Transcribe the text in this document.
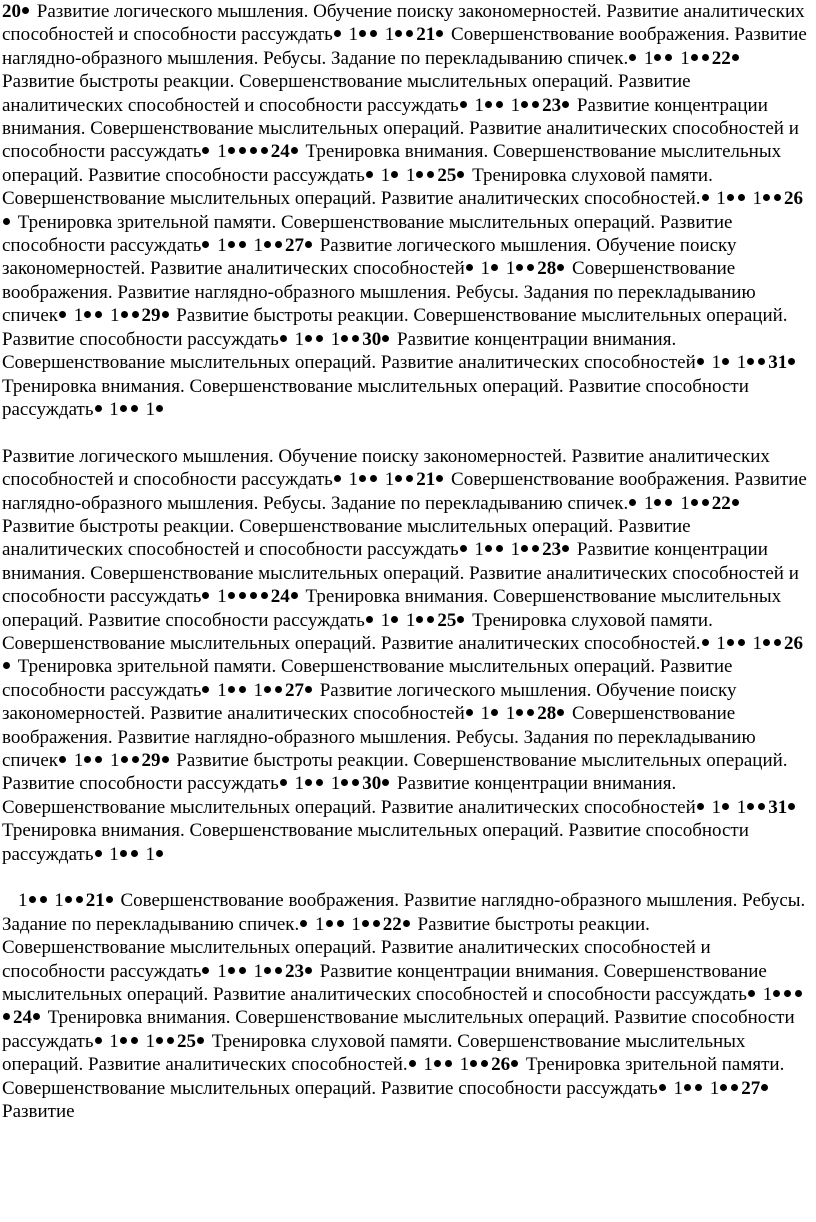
20 Развитие логического мышления. Обучение поиску закономерностей. Развитие аналитических способностей и способности рассуждать 1 1 21 Совершенствование воображения. Развитие наглядно-образного мышления. Ребусы. Задание по перекладыванию спичек. 1 1 22 Развитие быстроты реакции. Совершенствование мыслительных операций. Развитие аналитических способностей и способности рассуждать 1 1 23 Развитие концентрации внимания. Совершенствование мыслительных операций. Развитие аналитических способностей и способности рассуждать 1 24 Тренировка внимания. Совершенствование мыслительных операций. Развитие способности рассуждать 1 1 25 Тренировка слуховой памяти. Совершенствование мыслительных операций. Развитие аналитических способностей. 1 1 26 Тренировка зрительной памяти. Совершенствование мыслительных операций. Развитие способности рассуждать 1 1 27 Развитие логического мышления. Обучение поиску закономерностей. Развитие аналитических способностей 1 1 28 Совершенствование воображения. Развитие наглядно-образного мышления. Ребусы. Задания по перекладыванию спичек 1 1 29 Развитие быстроты реакции. Совершенствование мыслительных операций. Развитие способности рассуждать 1 1 30 Развитие концентрации внимания. Совершенствование мыслительных операций. Развитие аналитических способностей 1 1 31 Тренировка внимания. Совершенствование мыслительных операций. Развитие способности рассуждать 1 1

Развитие логического мышления. Обучение поиску закономерностей. Развитие аналитических способностей и способности рассуждать 1 1 21 Совершенствование воображения. Развитие наглядно-образного мышления. Ребусы. Задание по перекладыванию спичек. 1 1 22 Развитие быстроты реакции. Совершенствование мыслительных операций. Развитие аналитических способностей и способности рассуждать 1 1 23 Развитие концентрации внимания. Совершенствование мыслительных операций. Развитие аналитических способностей и способности рассуждать 1 24 Тренировка внимания. Совершенствование мыслительных операций. Развитие способности рассуждать 1 1 25 Тренировка слуховой памяти. Совершенствование мыслительных операций. Развитие аналитических способностей. 1 1 26 Тренировка зрительной памяти. Совершенствование мыслительных операций. Развитие способности рассуждать 1 1 27 Развитие логического мышления. Обучение поиску закономерностей. Развитие аналитических способностей 1 1 28 Совершенствование воображения. Развитие наглядно-образного мышления. Ребусы. Задания по перекладыванию спичек 1 1 29 Развитие быстроты реакции. Совершенствование мыслительных операций. Развитие способности рассуждать 1 1 30 Развитие концентрации внимания. Совершенствование мыслительных операций. Развитие аналитических способностей 1 1 31 Тренировка внимания. Совершенствование мыслительных операций. Развитие способности рассуждать 1 1

1 1 21 Совершенствование воображения. Развитие наглядно-образного мышления. Ребусы. Задание по перекладыванию спичек. 1 1 22 Развитие быстроты реакции. Совершенствование мыслительных операций. Развитие аналитических способностей и способности рассуждать 1 1 23 Развитие концентрации внимания. Совершенствование мыслительных операций. Развитие аналитических способностей и способности рассуждать 124 Тренировка внимания. Совершенствование мыслительных операций. Развитие способности рассуждать 1 1 25 Тренировка слуховой памяти. Совершенствование мыслительных операций. Развитие аналитических способностей. 1 1 26 Тренировка зрительной памяти. Совершенствование мыслительных операций. Развитие способности рассуждать 1 1 27 Развитие
